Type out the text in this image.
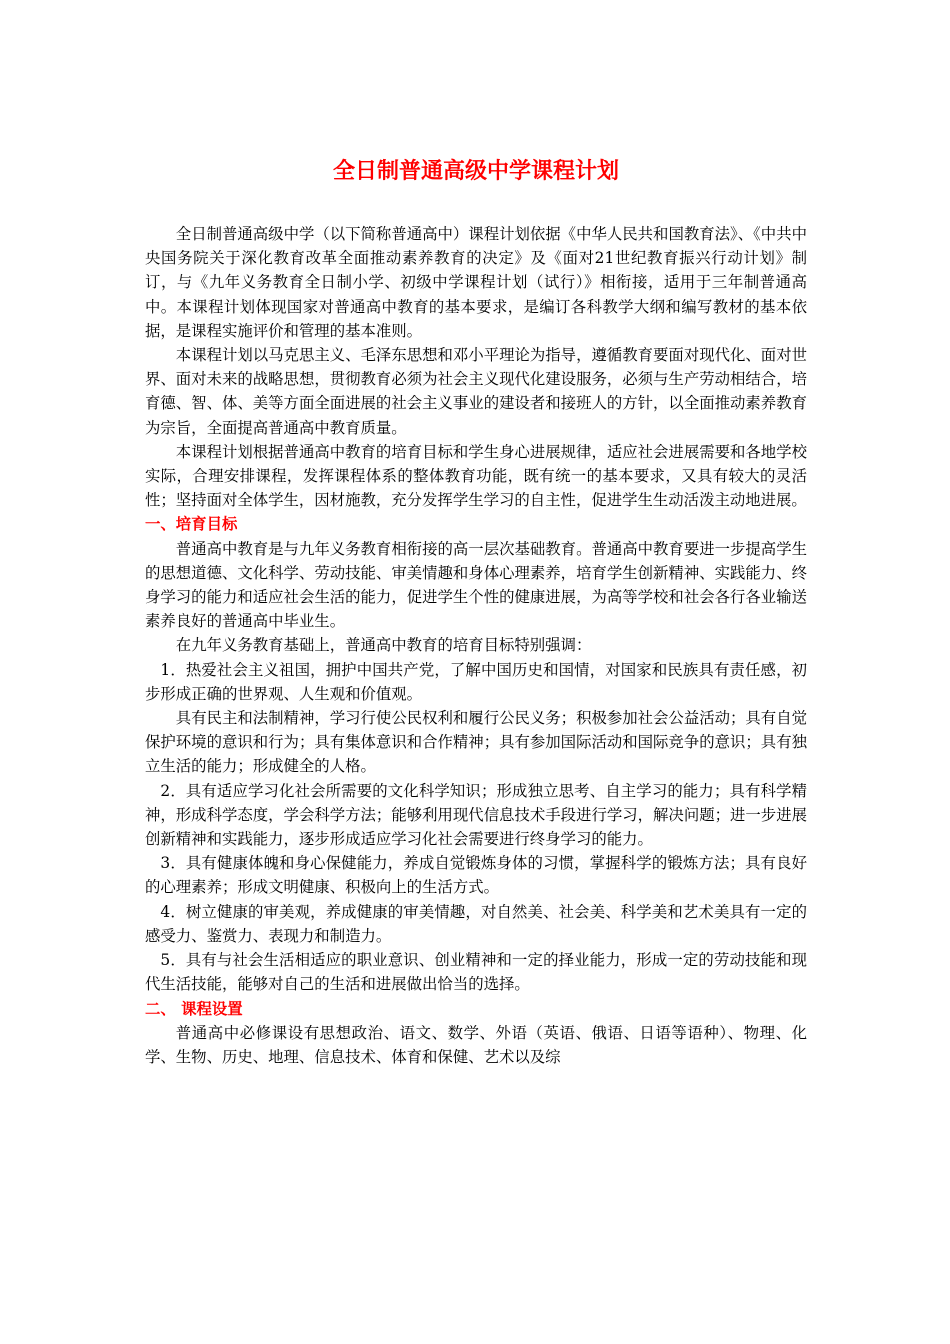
全日制普通高级中学课程计划

全日制普通高级中学（以下简称普通高中）课程计划依据《中华人民共和国教育法》、《中共中央国务院关于深化教育改革全面推动素养教育的决定》及《面对21世纪教育振兴行动计划》制订，与《九年义务教育全日制小学、初级中学课程计划（试行）》相衔接，适用于三年制普通高中。本课程计划体现国家对普通高中教育的基本要求，是编订各科教学大纲和编写教材的基本依据，是课程实施评价和管理的基本准则。

本课程计划以马克思主义、毛泽东思想和邓小平理论为指导，遵循教育要面对现代化、面对世界、面对未来的战略思想，贯彻教育必须为社会主义现代化建设服务，必须与生产劳动相结合，培育德、智、体、美等方面全面进展的社会主义事业的建设者和接班人的方针，以全面推动素养教育为宗旨，全面提高普通高中教育质量。

本课程计划根据普通高中教育的培育目标和学生身心进展规律，适应社会进展需要和各地学校实际，合理安排课程，发挥课程体系的整体教育功能，既有统一的基本要求，又具有较大的灵活性；坚持面对全体学生，因材施教，充分发挥学生学习的自主性，促进学生生动活泼主动地进展。

一、培育目标

普通高中教育是与九年义务教育相衔接的高一层次基础教育。普通高中教育要进一步提高学生的思想道德、文化科学、劳动技能、审美情趣和身体心理素养，培育学生创新精神、实践能力、终身学习的能力和适应社会生活的能力，促进学生个性的健康进展，为高等学校和社会各行各业输送素养良好的普通高中毕业生。

在九年义务教育基础上，普通高中教育的培育目标特别强调：

1．热爱社会主义祖国，拥护中国共产党，了解中国历史和国情，对国家和民族具有责任感，初步形成正确的世界观、人生观和价值观。

具有民主和法制精神，学习行使公民权利和履行公民义务；积极参加社会公益活动；具有自觉保护环境的意识和行为；具有集体意识和合作精神；具有参加国际活动和国际竞争的意识；具有独立生活的能力；形成健全的人格。

2．具有适应学习化社会所需要的文化科学知识；形成独立思考、自主学习的能力；具有科学精神，形成科学态度，学会科学方法；能够利用现代信息技术手段进行学习，解决问题；进一步进展创新精神和实践能力，逐步形成适应学习化社会需要进行终身学习的能力。

3．具有健康体魄和身心保健能力，养成自觉锻炼身体的习惯，掌握科学的锻炼方法；具有良好的心理素养；形成文明健康、积极向上的生活方式。

4．树立健康的审美观，养成健康的审美情趣，对自然美、社会美、科学美和艺术美具有一定的感受力、鉴赏力、表现力和制造力。

5．具有与社会生活相适应的职业意识、创业精神和一定的择业能力，形成一定的劳动技能和现代生活技能，能够对自己的生活和进展做出恰当的选择。

二、 课程设置

普通高中必修课设有思想政治、语文、数学、外语（英语、俄语、日语等语种）、物理、化学、生物、历史、地理、信息技术、体育和保健、艺术以及综
